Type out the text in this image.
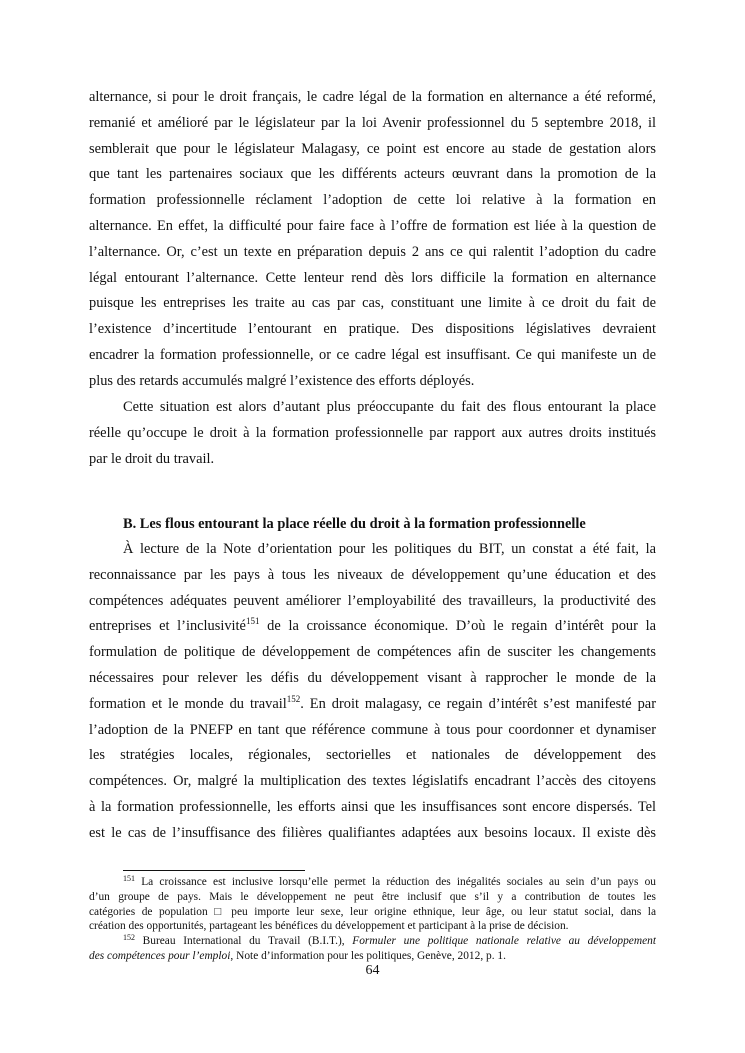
alternance, si pour le droit français, le cadre légal de la formation en alternance a été reformé,
remanié et amélioré par le législateur par la loi Avenir professionnel du 5 septembre 2018, il
semblerait que pour le législateur Malagasy, ce point est encore au stade de gestation alors
que tant les partenaires sociaux que les différents acteurs œuvrant dans la promotion de la
formation professionnelle réclament l’adoption de cette loi relative à la formation en
alternance. En effet, la difficulté pour faire face à l’offre de formation est liée à la question de
l’alternance. Or, c’est un texte en préparation depuis 2 ans ce qui ralentit l’adoption du cadre
légal entourant l’alternance. Cette lenteur rend dès lors difficile la formation en alternance
puisque les entreprises les traite au cas par cas, constituant une limite à ce droit du fait de
l’existence d’incertitude l’entourant en pratique. Des dispositions législatives devraient
encadrer la formation professionnelle, or ce cadre légal est insuffisant. Ce qui manifeste un de
plus des retards accumulés malgré l’existence des efforts déployés.
Cette situation est alors d’autant plus préoccupante du fait des flous entourant la place
réelle qu’occupe le droit à la formation professionnelle par rapport aux autres droits institués
par le droit du travail.
B. Les flous entourant la place réelle du droit à la formation professionnelle
À lecture de la Note d’orientation pour les politiques du BIT, un constat a été fait, la
reconnaissance par les pays à tous les niveaux de développement qu’une éducation et des
compétences adéquates peuvent améliorer l’employabilité des travailleurs, la productivité des
entreprises et l’inclusivité$^{151}$ de la croissance économique. D’où le regain d’intérêt pour la
formulation de politique de développement de compétences afin de susciter les changements
nécessaires pour relever les défis du développement visant à rapprocher le monde de la
formation et le monde du travail$^{152}$. En droit malagasy, ce regain d’intérêt s’est manifesté par
l’adoption de la PNEFP en tant que référence commune à tous pour coordonner et dynamiser
les stratégies locales, régionales, sectorielles et nationales de développement des
compétences. Or, malgré la multiplication des textes législatifs encadrant l’accès des citoyens
à la formation professionnelle, les efforts ainsi que les insuffisances sont encore dispersés. Tel
est le cas de l’insuffisance des filières qualifiantes adaptées aux besoins locaux. Il existe dès
$^{151}$ La croissance est inclusive lorsqu’elle permet la réduction des inégalités sociales au sein d’un pays ou
d’un groupe de pays. Mais le développement ne peut être inclusif que s’il y a contribution de toutes les
catégories de population □ peu importe leur sexe, leur origine ethnique, leur âge, ou leur statut social, dans la
création des opportunités, partageant les bénéfices du développement et participant à la prise de décision.
$^{152}$ Bureau International du Travail (B.I.T.), Formuler une politique nationale relative au développement
des compétences pour l’emploi, Note d’information pour les politiques, Genève, 2012, p. 1.
64
